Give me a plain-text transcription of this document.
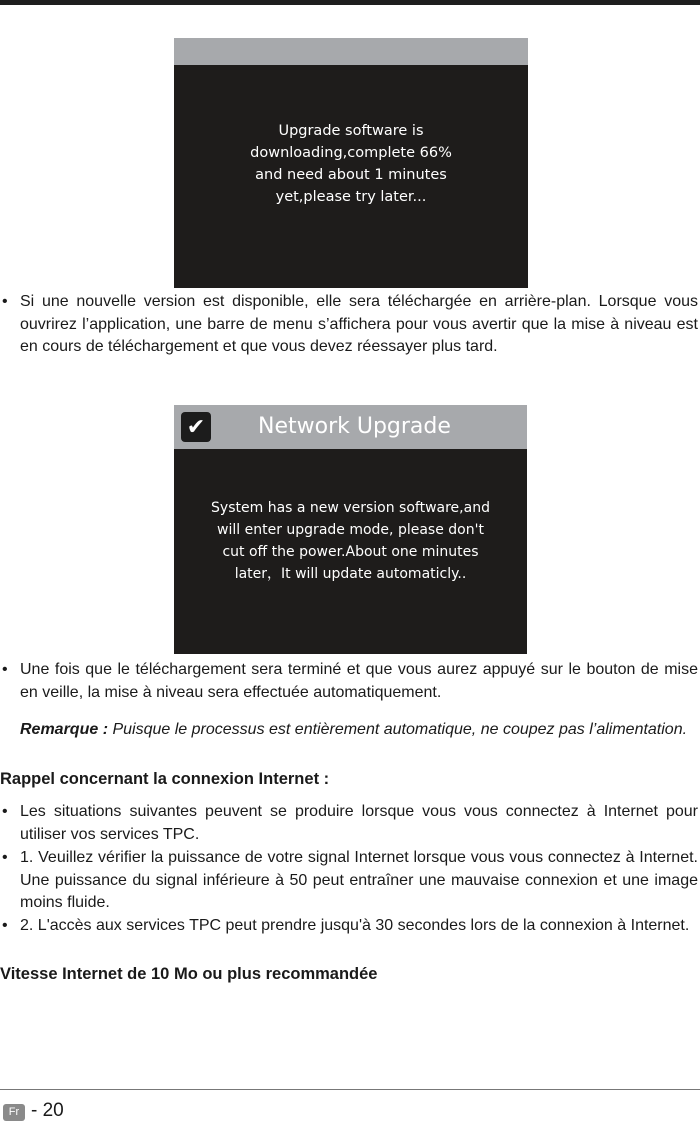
Upgrade software is
downloading,complete 66%
and need about 1 minutes
yet,please try later...
• Si une nouvelle version est disponible, elle sera téléchargée en arrière-plan. Lorsque vous ouvrirez l’application, une barre de menu s’affichera pour vous avertir que la mise à niveau est en cours de téléchargement et que vous devez réessayer plus tard.
✔ Network Upgrade
System has a new version software,and
will enter upgrade mode, please don't
cut off the power.About one minutes
later，It will update automaticly..
• Une fois que le téléchargement sera terminé et que vous aurez appuyé sur le bouton de mise en veille, la mise à niveau sera effectuée automatiquement.
Remarque : Puisque le processus est entièrement automatique, ne coupez pas l’alimentation.
Rappel concernant la connexion Internet :
• Les situations suivantes peuvent se produire lorsque vous vous connectez à Internet pour utiliser vos services TPC.
• 1. Veuillez vérifier la puissance de votre signal Internet lorsque vous vous connectez à Internet. Une puissance du signal inférieure à 50 peut entraîner une mauvaise connexion et une image moins fluide.
• 2. L'accès aux services TPC peut prendre jusqu'à 30 secondes lors de la connexion à Internet.
Vitesse Internet de 10 Mo ou plus recommandée
Fr - 20
